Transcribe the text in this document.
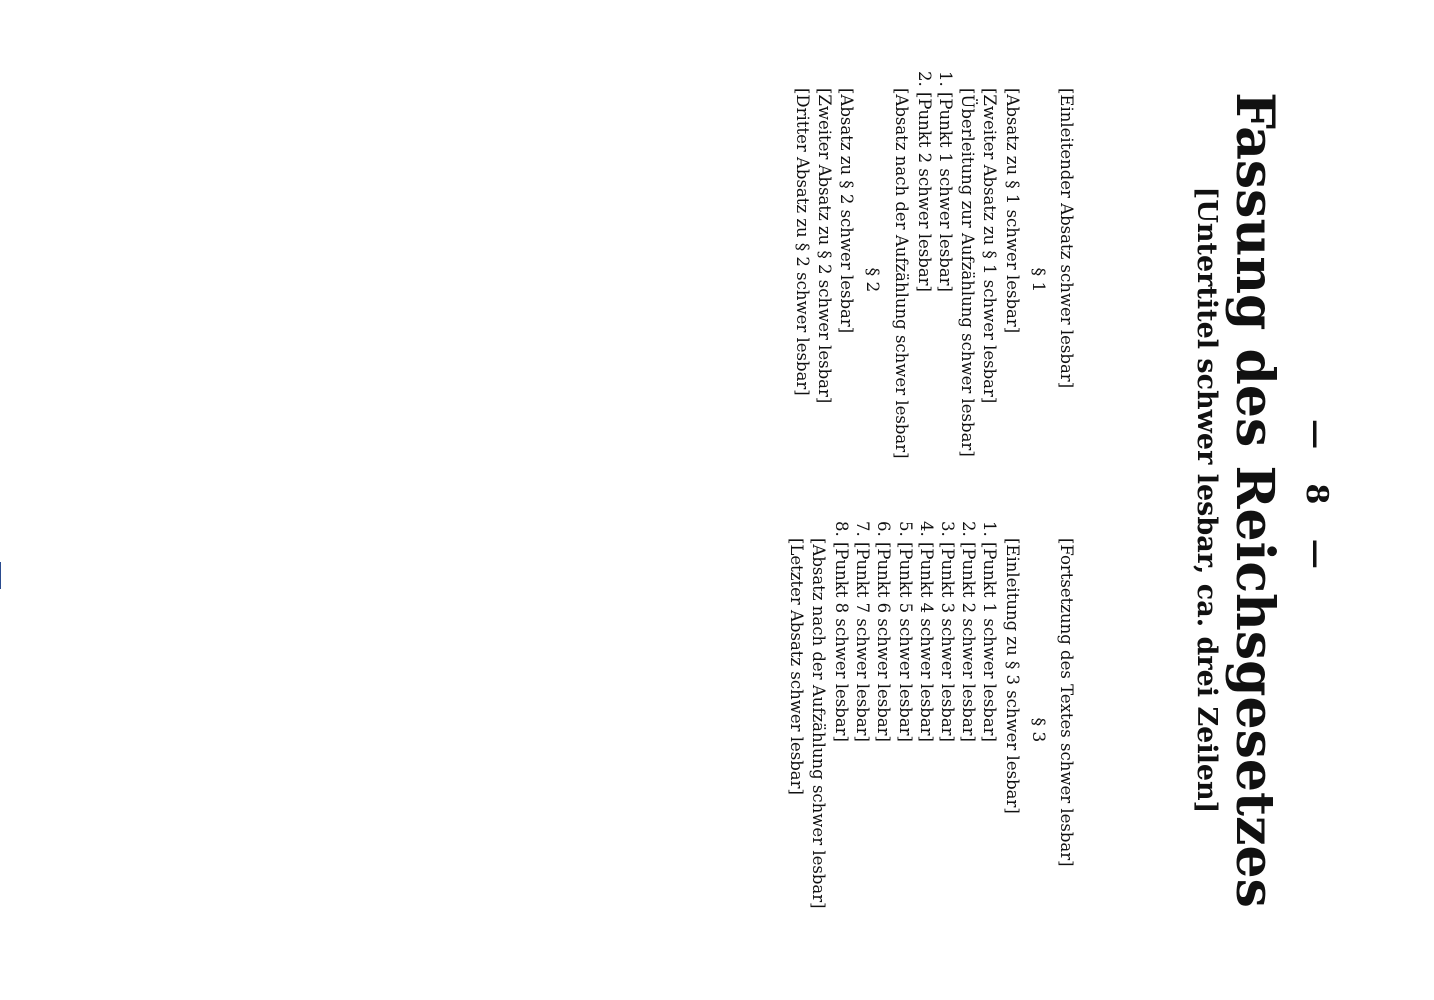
— 8 —
Fassung des Reichsgesetzes
[Untertitel schwer lesbar, ca. drei Zeilen]

[Einleitender Absatz schwer lesbar]

§ 1

[Absatz zu § 1 schwer lesbar]

[Zweiter Absatz zu § 1 schwer lesbar]

[Überleitung zur Aufzählung schwer lesbar]

1. [Punkt 1 schwer lesbar]
2. [Punkt 2 schwer lesbar]

[Absatz nach der Aufzählung schwer lesbar]

§ 2

[Absatz zu § 2 schwer lesbar]

[Zweiter Absatz zu § 2 schwer lesbar]

[Dritter Absatz zu § 2 schwer lesbar]

[Fortsetzung des Textes schwer lesbar]

§ 3

[Einleitung zu § 3 schwer lesbar]

1. [Punkt 1 schwer lesbar]
2. [Punkt 2 schwer lesbar]
3. [Punkt 3 schwer lesbar]
4. [Punkt 4 schwer lesbar]
5. [Punkt 5 schwer lesbar]
6. [Punkt 6 schwer lesbar]
7. [Punkt 7 schwer lesbar]
8. [Punkt 8 schwer lesbar]

[Absatz nach der Aufzählung schwer lesbar]

[Letzter Absatz schwer lesbar]
